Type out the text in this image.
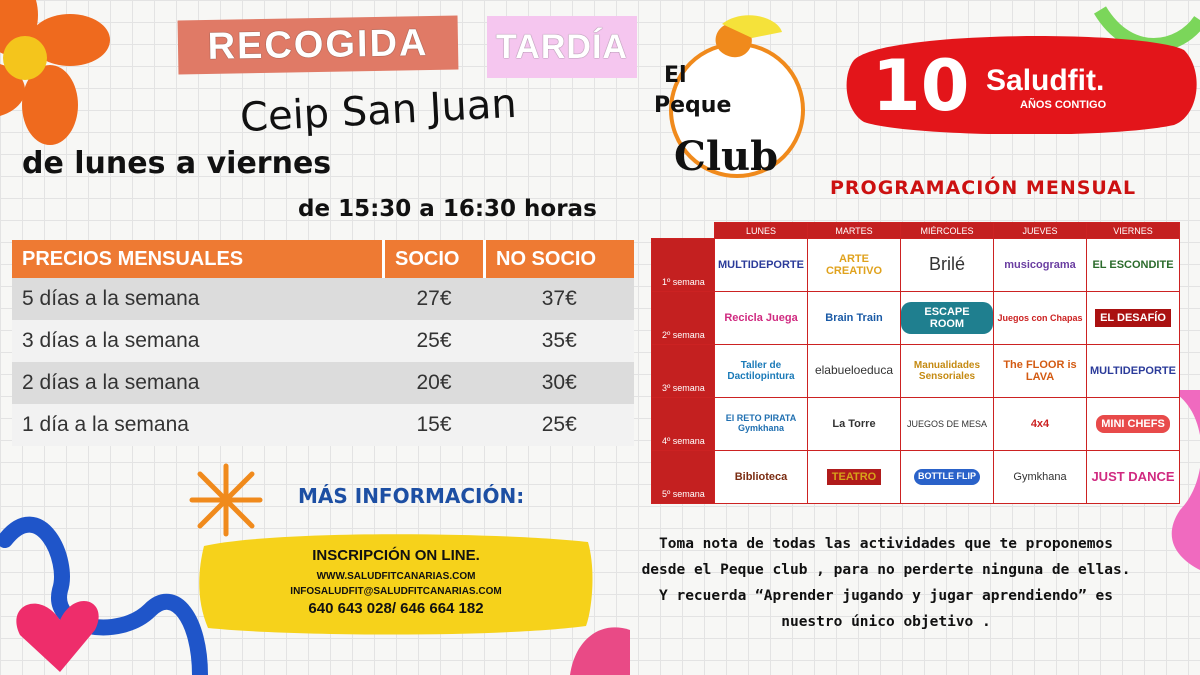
RECOGIDA	TARDÍA
Ceip San Juan
de lunes a viernes
de 15:30 a 16:30 horas
PRECIOS MENSUALES	SOCIO	NO SOCIO
5 días a la semana	27€	37€
3 días a la semana	25€	35€
2 días a la semana	20€	30€
1 día a la semana	15€	25€
El
Peque
Club
10 Saludfit.
AÑOS CONTIGO
PROGRAMACIÓN MENSUAL
	LUNES	MARTES	MIÉRCOLES	JUEVES	VIERNES
1º semana	MULTIDEPORTE	ARTE CREATIVO	Brilé	musicograma	EL ESCONDITE
2º semana	Recicla Juega	Brain Train	ESCAPE ROOM	Juegos con Chapas	EL DESAFÍO
3º semana	Taller de Dactilopintura	elabueloeduca	Manualidades Sensoriales	The FLOOR is LAVA	MULTIDEPORTE
4º semana	El RETO PIRATA Gymkhana	La Torre	JUEGOS DE MESA	4x4	MINI CHEFS
5º semana	Biblioteca	TEATRO	BOTTLE FLIP	Gymkhana	JUST DANCE
MÁS INFORMACIÓN:
INSCRIPCIÓN ON LINE.
WWW.SALUDFITCANARIAS.COM
INFOSALUDFIT@SALUDFITCANARIAS.COM
640 643 028/ 646 664 182
Toma nota de todas las actividades que te proponemos
desde el Peque club , para no perderte ninguna de ellas.
Y recuerda “Aprender jugando y jugar aprendiendo” es
nuestro único objetivo .
